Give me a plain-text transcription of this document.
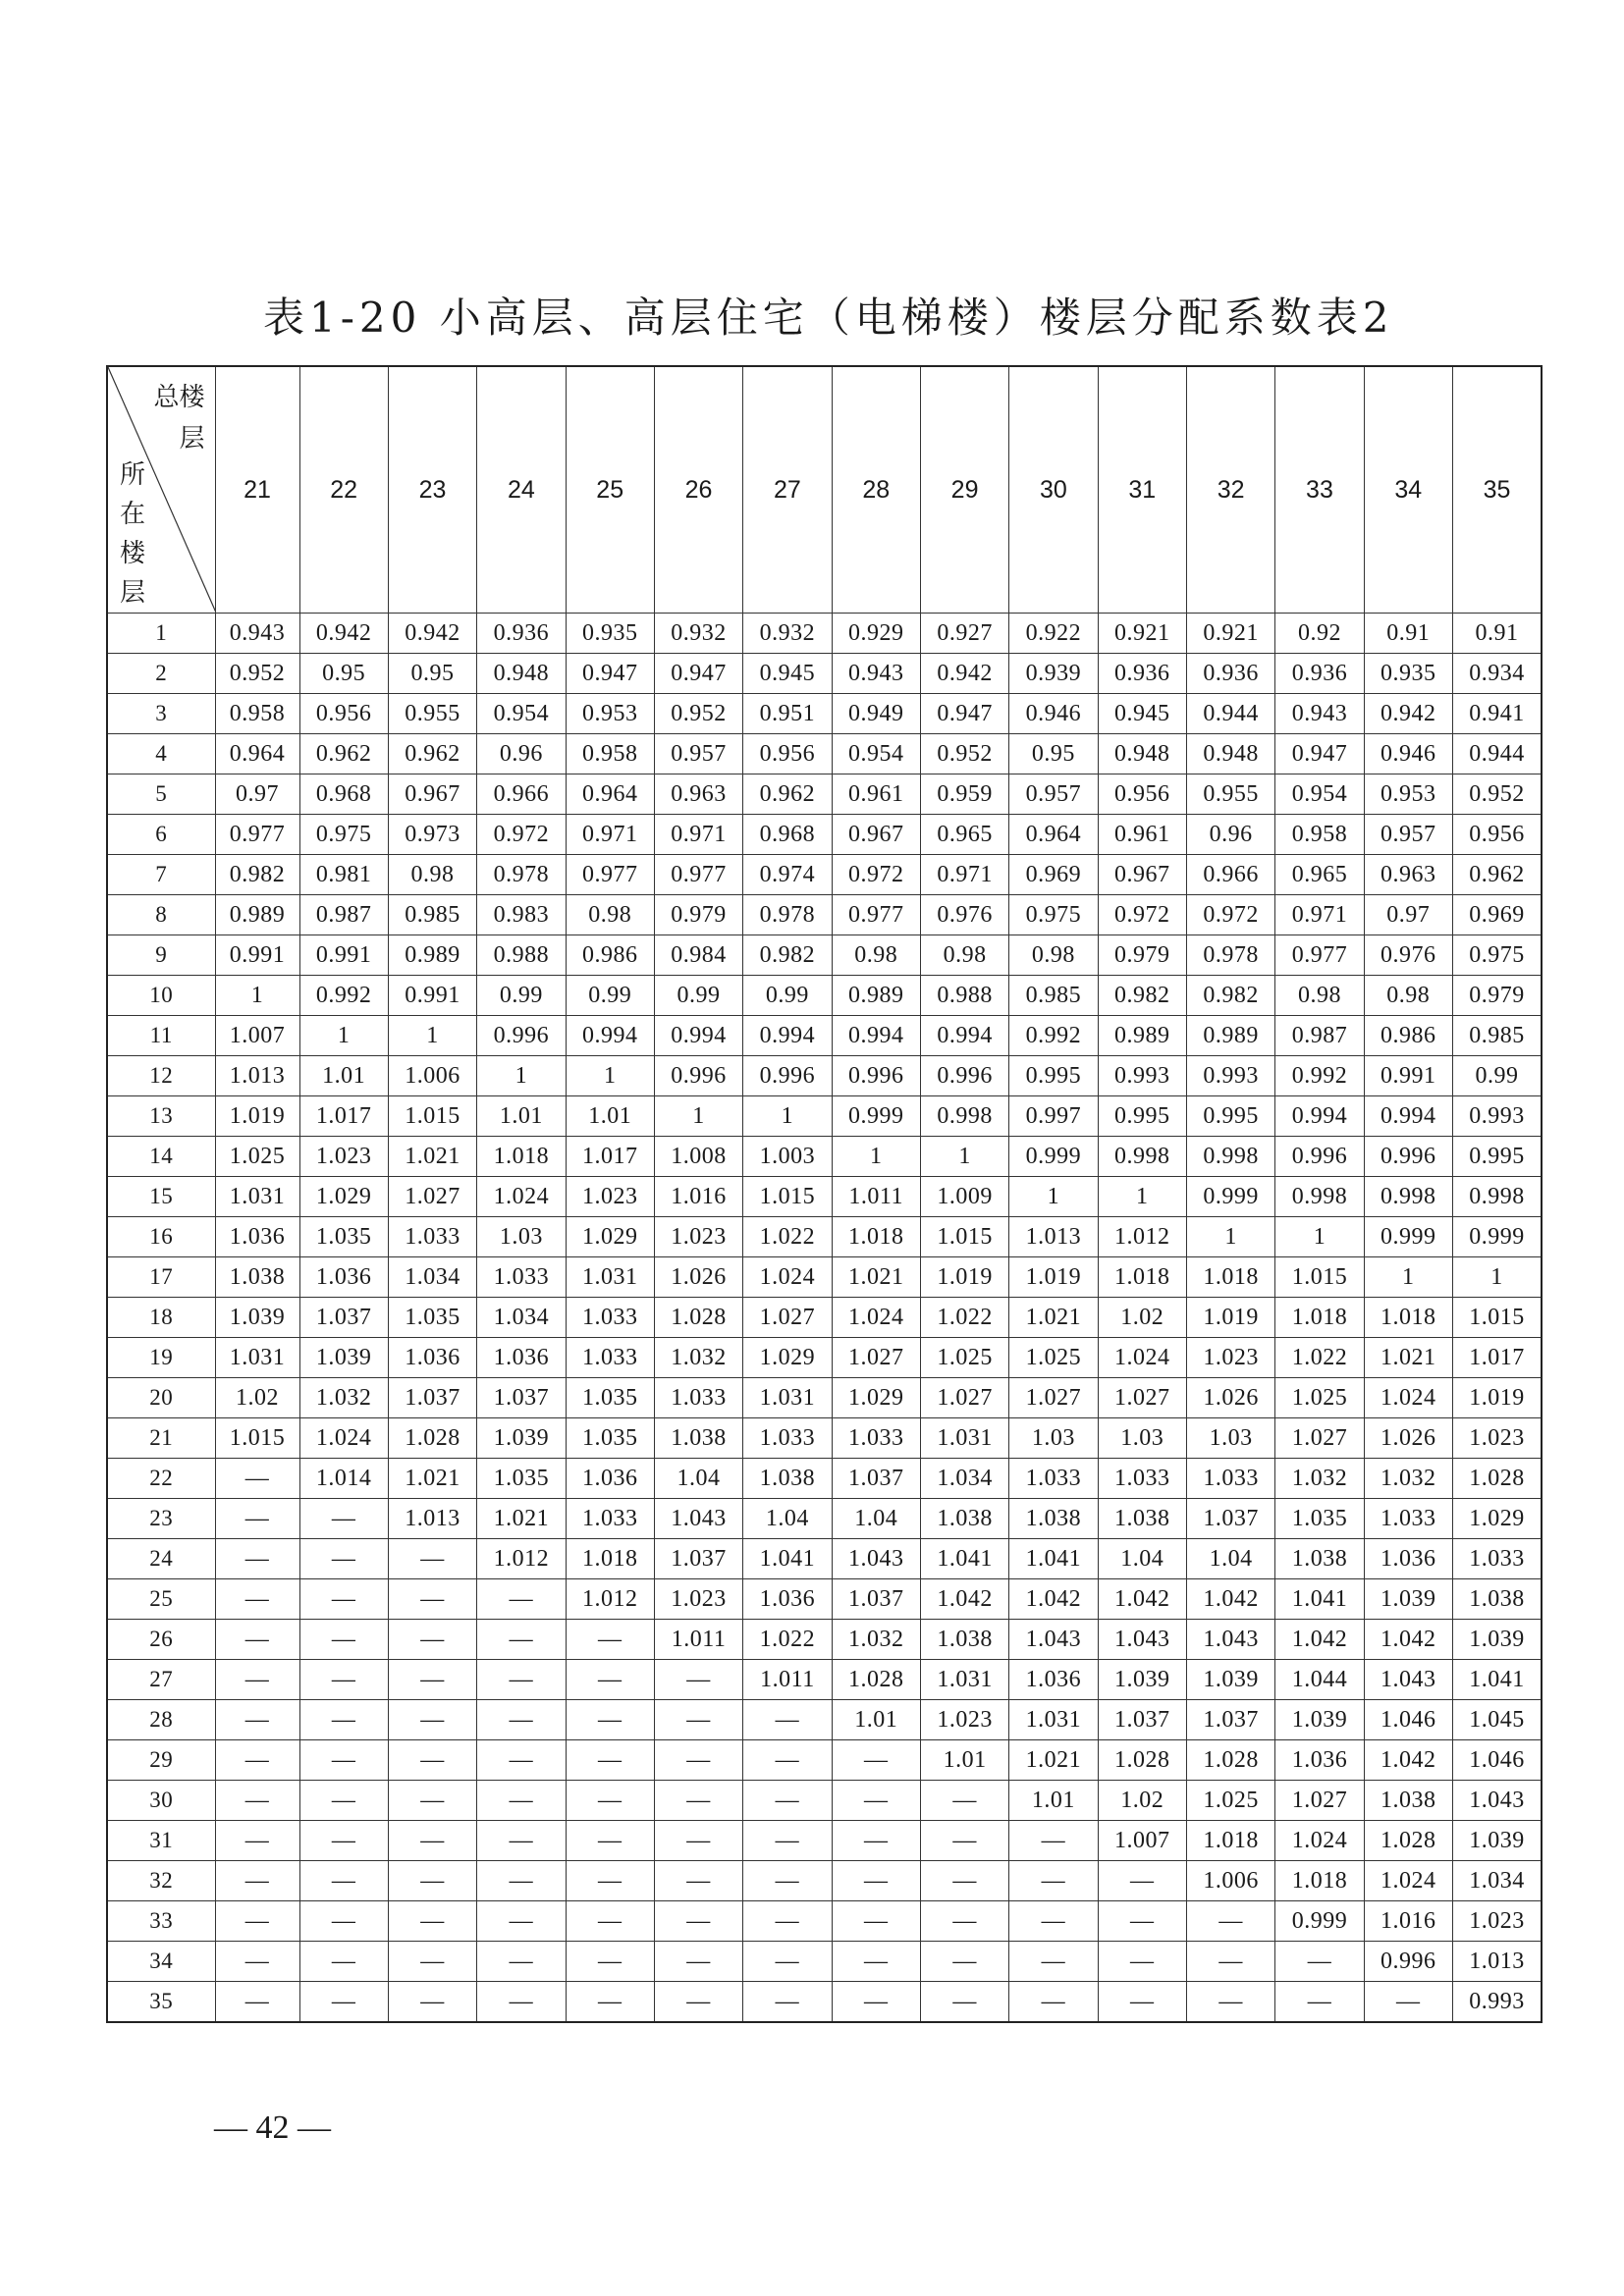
表1-20 小高层、高层住宅（电梯楼）楼层分配系数表2
总楼层
所在楼层	21	22	23	24	25	26	27	28	29	30	31	32	33	34	35
1	0.943	0.942	0.942	0.936	0.935	0.932	0.932	0.929	0.927	0.922	0.921	0.921	0.92	0.91	0.91
2	0.952	0.95	0.95	0.948	0.947	0.947	0.945	0.943	0.942	0.939	0.936	0.936	0.936	0.935	0.934
3	0.958	0.956	0.955	0.954	0.953	0.952	0.951	0.949	0.947	0.946	0.945	0.944	0.943	0.942	0.941
4	0.964	0.962	0.962	0.96	0.958	0.957	0.956	0.954	0.952	0.95	0.948	0.948	0.947	0.946	0.944
5	0.97	0.968	0.967	0.966	0.964	0.963	0.962	0.961	0.959	0.957	0.956	0.955	0.954	0.953	0.952
6	0.977	0.975	0.973	0.972	0.971	0.971	0.968	0.967	0.965	0.964	0.961	0.96	0.958	0.957	0.956
7	0.982	0.981	0.98	0.978	0.977	0.977	0.974	0.972	0.971	0.969	0.967	0.966	0.965	0.963	0.962
8	0.989	0.987	0.985	0.983	0.98	0.979	0.978	0.977	0.976	0.975	0.972	0.972	0.971	0.97	0.969
9	0.991	0.991	0.989	0.988	0.986	0.984	0.982	0.98	0.98	0.98	0.979	0.978	0.977	0.976	0.975
10	1	0.992	0.991	0.99	0.99	0.99	0.99	0.989	0.988	0.985	0.982	0.982	0.98	0.98	0.979
11	1.007	1	1	0.996	0.994	0.994	0.994	0.994	0.994	0.992	0.989	0.989	0.987	0.986	0.985
12	1.013	1.01	1.006	1	1	0.996	0.996	0.996	0.996	0.995	0.993	0.993	0.992	0.991	0.99
13	1.019	1.017	1.015	1.01	1.01	1	1	0.999	0.998	0.997	0.995	0.995	0.994	0.994	0.993
14	1.025	1.023	1.021	1.018	1.017	1.008	1.003	1	1	0.999	0.998	0.998	0.996	0.996	0.995
15	1.031	1.029	1.027	1.024	1.023	1.016	1.015	1.011	1.009	1	1	0.999	0.998	0.998	0.998
16	1.036	1.035	1.033	1.03	1.029	1.023	1.022	1.018	1.015	1.013	1.012	1	1	0.999	0.999
17	1.038	1.036	1.034	1.033	1.031	1.026	1.024	1.021	1.019	1.019	1.018	1.018	1.015	1	1
18	1.039	1.037	1.035	1.034	1.033	1.028	1.027	1.024	1.022	1.021	1.02	1.019	1.018	1.018	1.015
19	1.031	1.039	1.036	1.036	1.033	1.032	1.029	1.027	1.025	1.025	1.024	1.023	1.022	1.021	1.017
20	1.02	1.032	1.037	1.037	1.035	1.033	1.031	1.029	1.027	1.027	1.027	1.026	1.025	1.024	1.019
21	1.015	1.024	1.028	1.039	1.035	1.038	1.033	1.033	1.031	1.03	1.03	1.03	1.027	1.026	1.023
22	—	1.014	1.021	1.035	1.036	1.04	1.038	1.037	1.034	1.033	1.033	1.033	1.032	1.032	1.028
23	—	—	1.013	1.021	1.033	1.043	1.04	1.04	1.038	1.038	1.038	1.037	1.035	1.033	1.029
24	—	—	—	1.012	1.018	1.037	1.041	1.043	1.041	1.041	1.04	1.04	1.038	1.036	1.033
25	—	—	—	—	1.012	1.023	1.036	1.037	1.042	1.042	1.042	1.042	1.041	1.039	1.038
26	—	—	—	—	—	1.011	1.022	1.032	1.038	1.043	1.043	1.043	1.042	1.042	1.039
27	—	—	—	—	—	—	1.011	1.028	1.031	1.036	1.039	1.039	1.044	1.043	1.041
28	—	—	—	—	—	—	—	1.01	1.023	1.031	1.037	1.037	1.039	1.046	1.045
29	—	—	—	—	—	—	—	—	1.01	1.021	1.028	1.028	1.036	1.042	1.046
30	—	—	—	—	—	—	—	—	—	1.01	1.02	1.025	1.027	1.038	1.043
31	—	—	—	—	—	—	—	—	—	—	1.007	1.018	1.024	1.028	1.039
32	—	—	—	—	—	—	—	—	—	—	—	1.006	1.018	1.024	1.034
33	—	—	—	—	—	—	—	—	—	—	—	—	0.999	1.016	1.023
34	—	—	—	—	—	—	—	—	—	—	—	—	—	0.996	1.013
35	—	—	—	—	—	—	—	—	—	—	—	—	—	—	0.993
— 42 —
